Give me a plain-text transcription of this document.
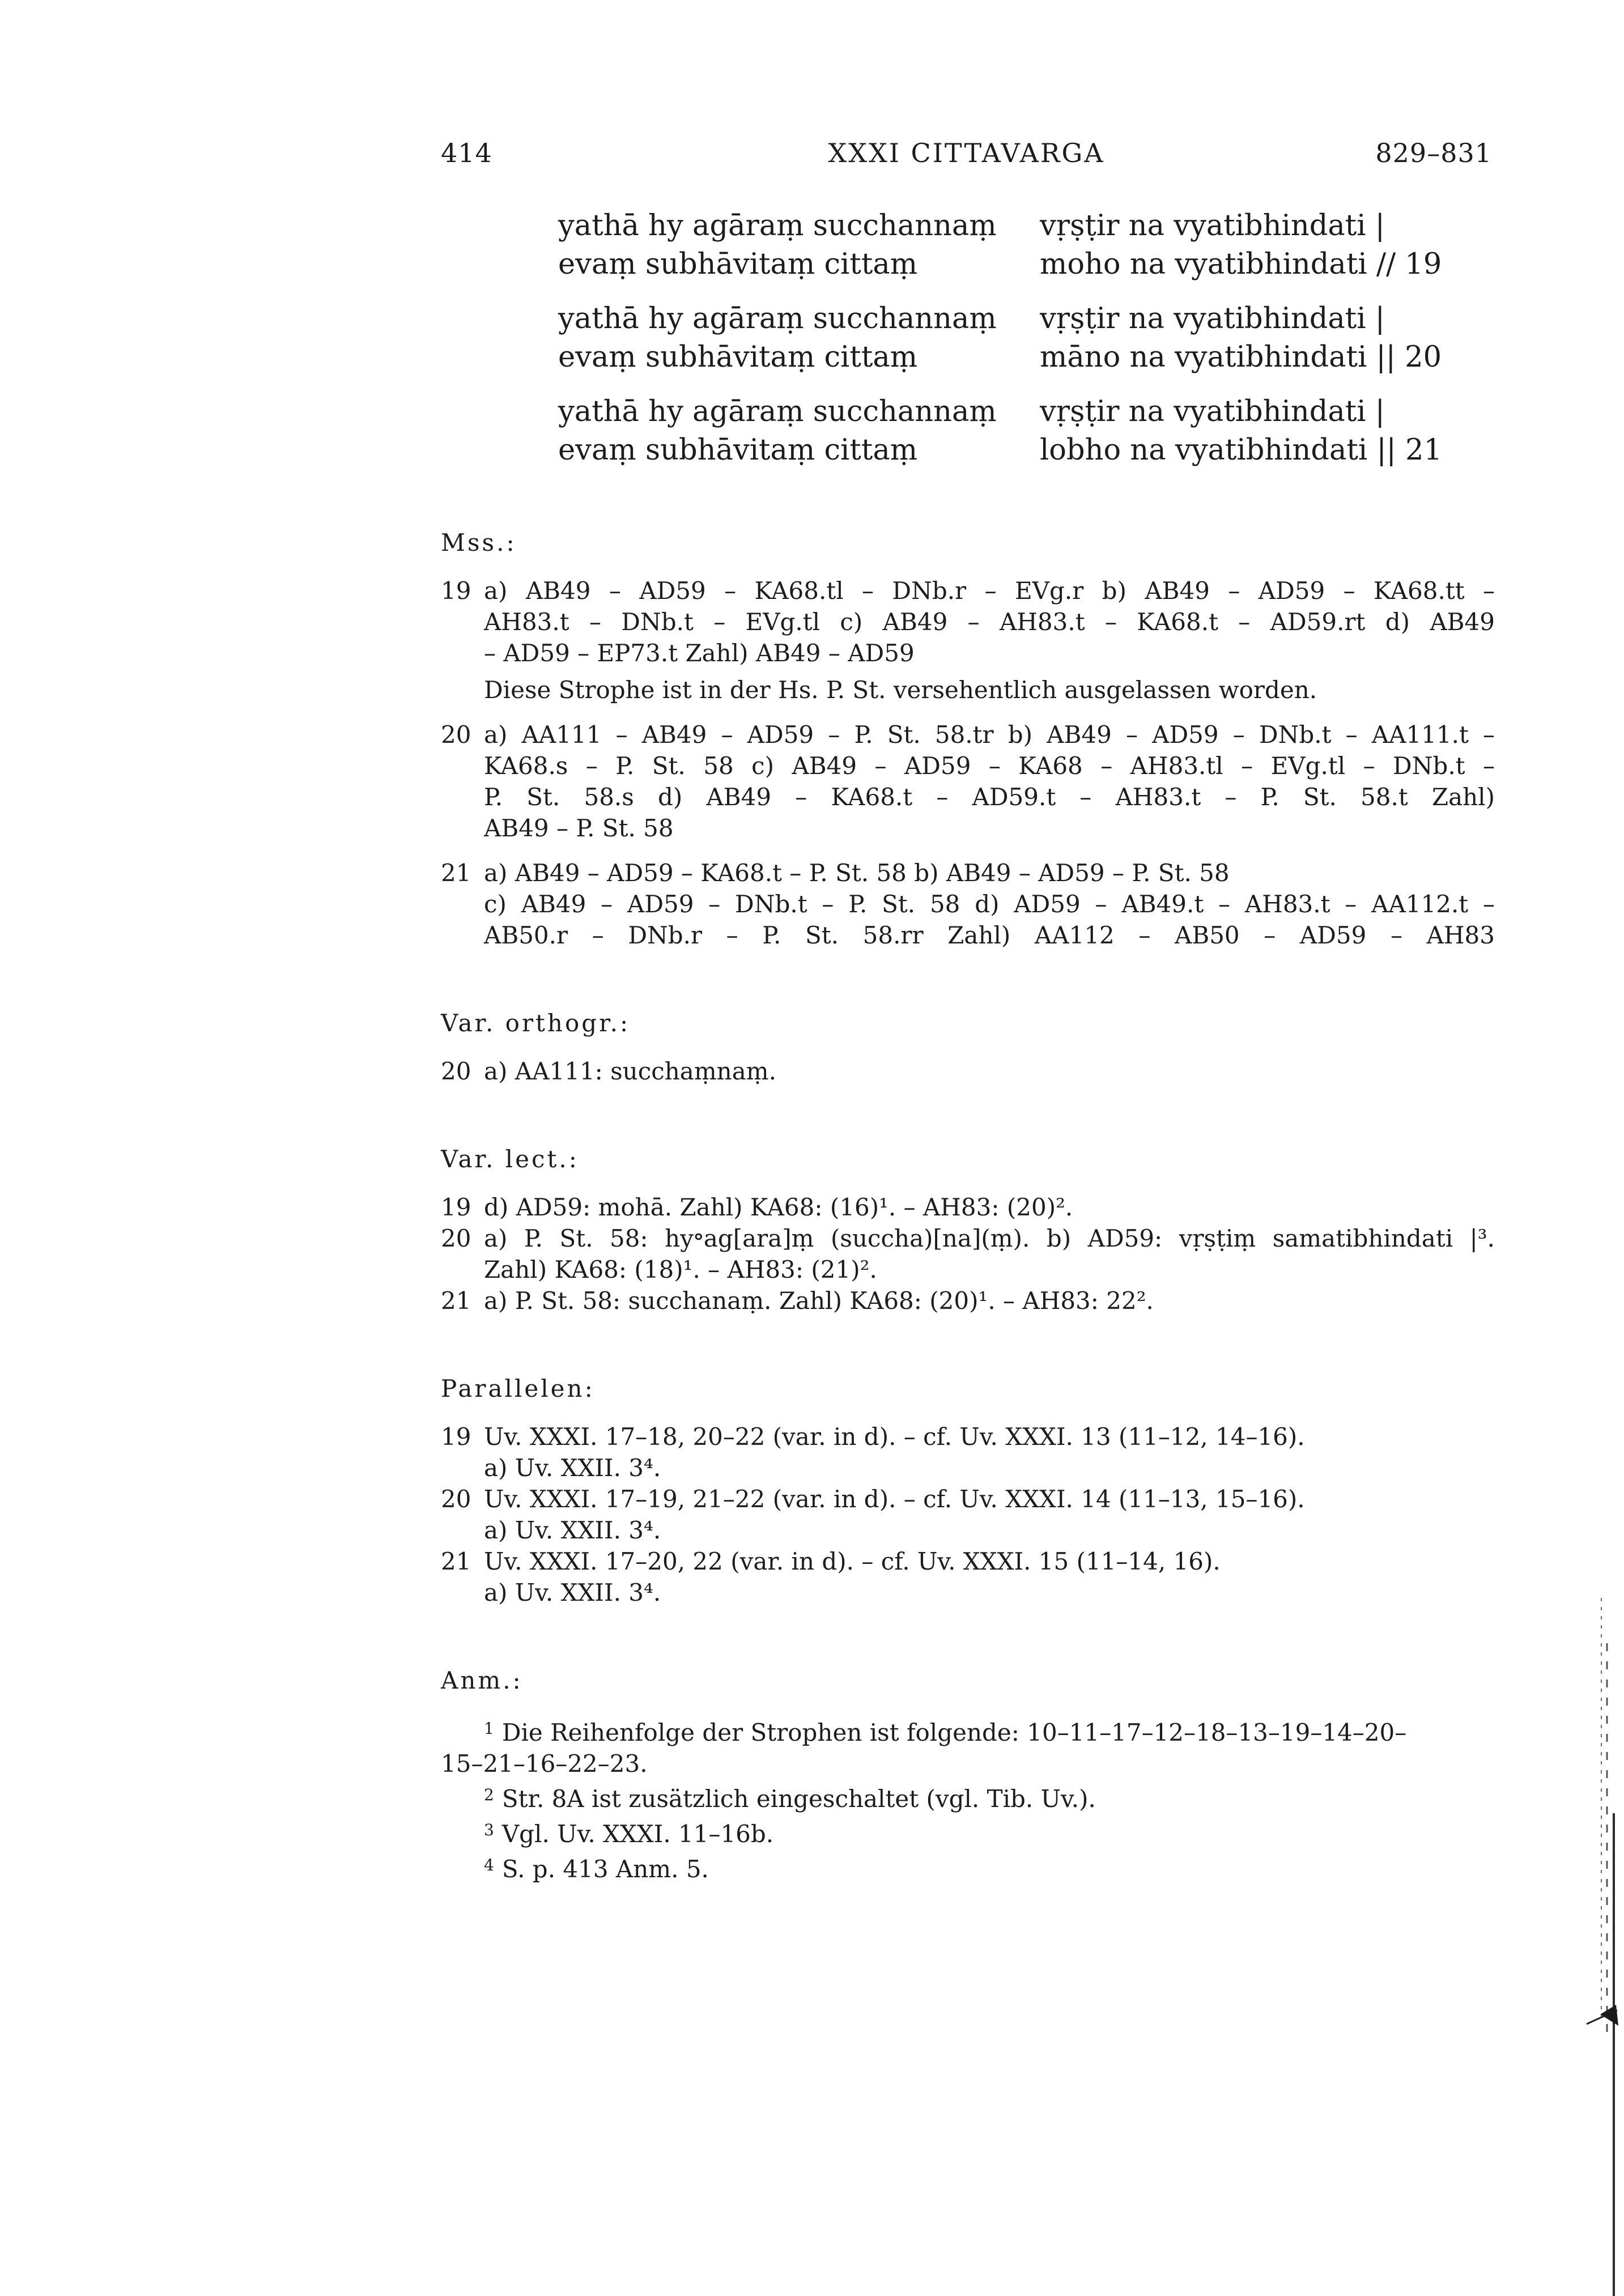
414	XXXI CITTAVARGA	829–831
yathā hy agāraṃ succhannaṃ vṛṣṭir na vyatibhindati |
evaṃ subhāvitaṃ cittaṃ	moho na vyatibhindati // 19
yathā hy agāraṃ succhannaṃ vṛṣṭir na vyatibhindati |
evaṃ subhāvitaṃ cittaṃ	māno na vyatibhindati || 20
yathā hy agāraṃ succhannaṃ vṛṣṭir na vyatibhindati |
evaṃ subhāvitaṃ cittaṃ	lobho na vyatibhindati || 21
Mss.:
19 a) AB49 – AD59 – KA68.tl – DNb.r – EVg.r b) AB49 – AD59 – KA68.tt –
AH83.t – DNb.t – EVg.tl c) AB49 – AH83.t – KA68.t – AD59.rt d) AB49
– AD59 – EP73.t Zahl) AB49 – AD59
Diese Strophe ist in der Hs. P. St. versehentlich ausgelassen worden.
20 a) AA111 – AB49 – AD59 – P. St. 58.tr b) AB49 – AD59 – DNb.t – AA111.t –
KA68.s – P. St. 58 c) AB49 – AD59 – KA68 – AH83.tl – EVg.tl – DNb.t –
P. St. 58.s d) AB49 – KA68.t – AD59.t – AH83.t – P. St. 58.t Zahl)
AB49 – P. St. 58
21 a) AB49 – AD59 – KA68.t – P. St. 58 b) AB49 – AD59 – P. St. 58
c) AB49 – AD59 – DNb.t – P. St. 58 d) AD59 – AB49.t – AH83.t – AA112.t –
AB50.r – DNb.r – P. St. 58.rr Zahl) AA112 – AB50 – AD59 – AH83
Var. orthogr.:
20 a) AA111: succhaṃnaṃ.
Var. lect.:
19 d) AD59: mohā. Zahl) KA68: (16)¹. – AH83: (20)².
20 a) P. St. 58: hy॰ag[ara]ṃ (succha)[na](ṃ). b) AD59: vṛṣṭiṃ samatibhindati |³.
Zahl) KA68: (18)¹. – AH83: (21)².
21 a) P. St. 58: succhanaṃ. Zahl) KA68: (20)¹. – AH83: 22².
Parallelen:
19 Uv. XXXI. 17–18, 20–22 (var. in d). – cf. Uv. XXXI. 13 (11–12, 14–16).
a) Uv. XXII. 3⁴.
20 Uv. XXXI. 17–19, 21–22 (var. in d). – cf. Uv. XXXI. 14 (11–13, 15–16).
a) Uv. XXII. 3⁴.
21 Uv. XXXI. 17–20, 22 (var. in d). – cf. Uv. XXXI. 15 (11–14, 16).
a) Uv. XXII. 3⁴.
Anm.:
$^1$ Die Reihenfolge der Strophen ist folgende: 10–11–17–12–18–13–19–14–20–
15–21–16–22–23.
$^2$ Str. 8A ist zusätzlich eingeschaltet (vgl. Tib. Uv.).
$^3$ Vgl. Uv. XXXI. 11–16b.
$^4$ S. p. 413 Anm. 5.
